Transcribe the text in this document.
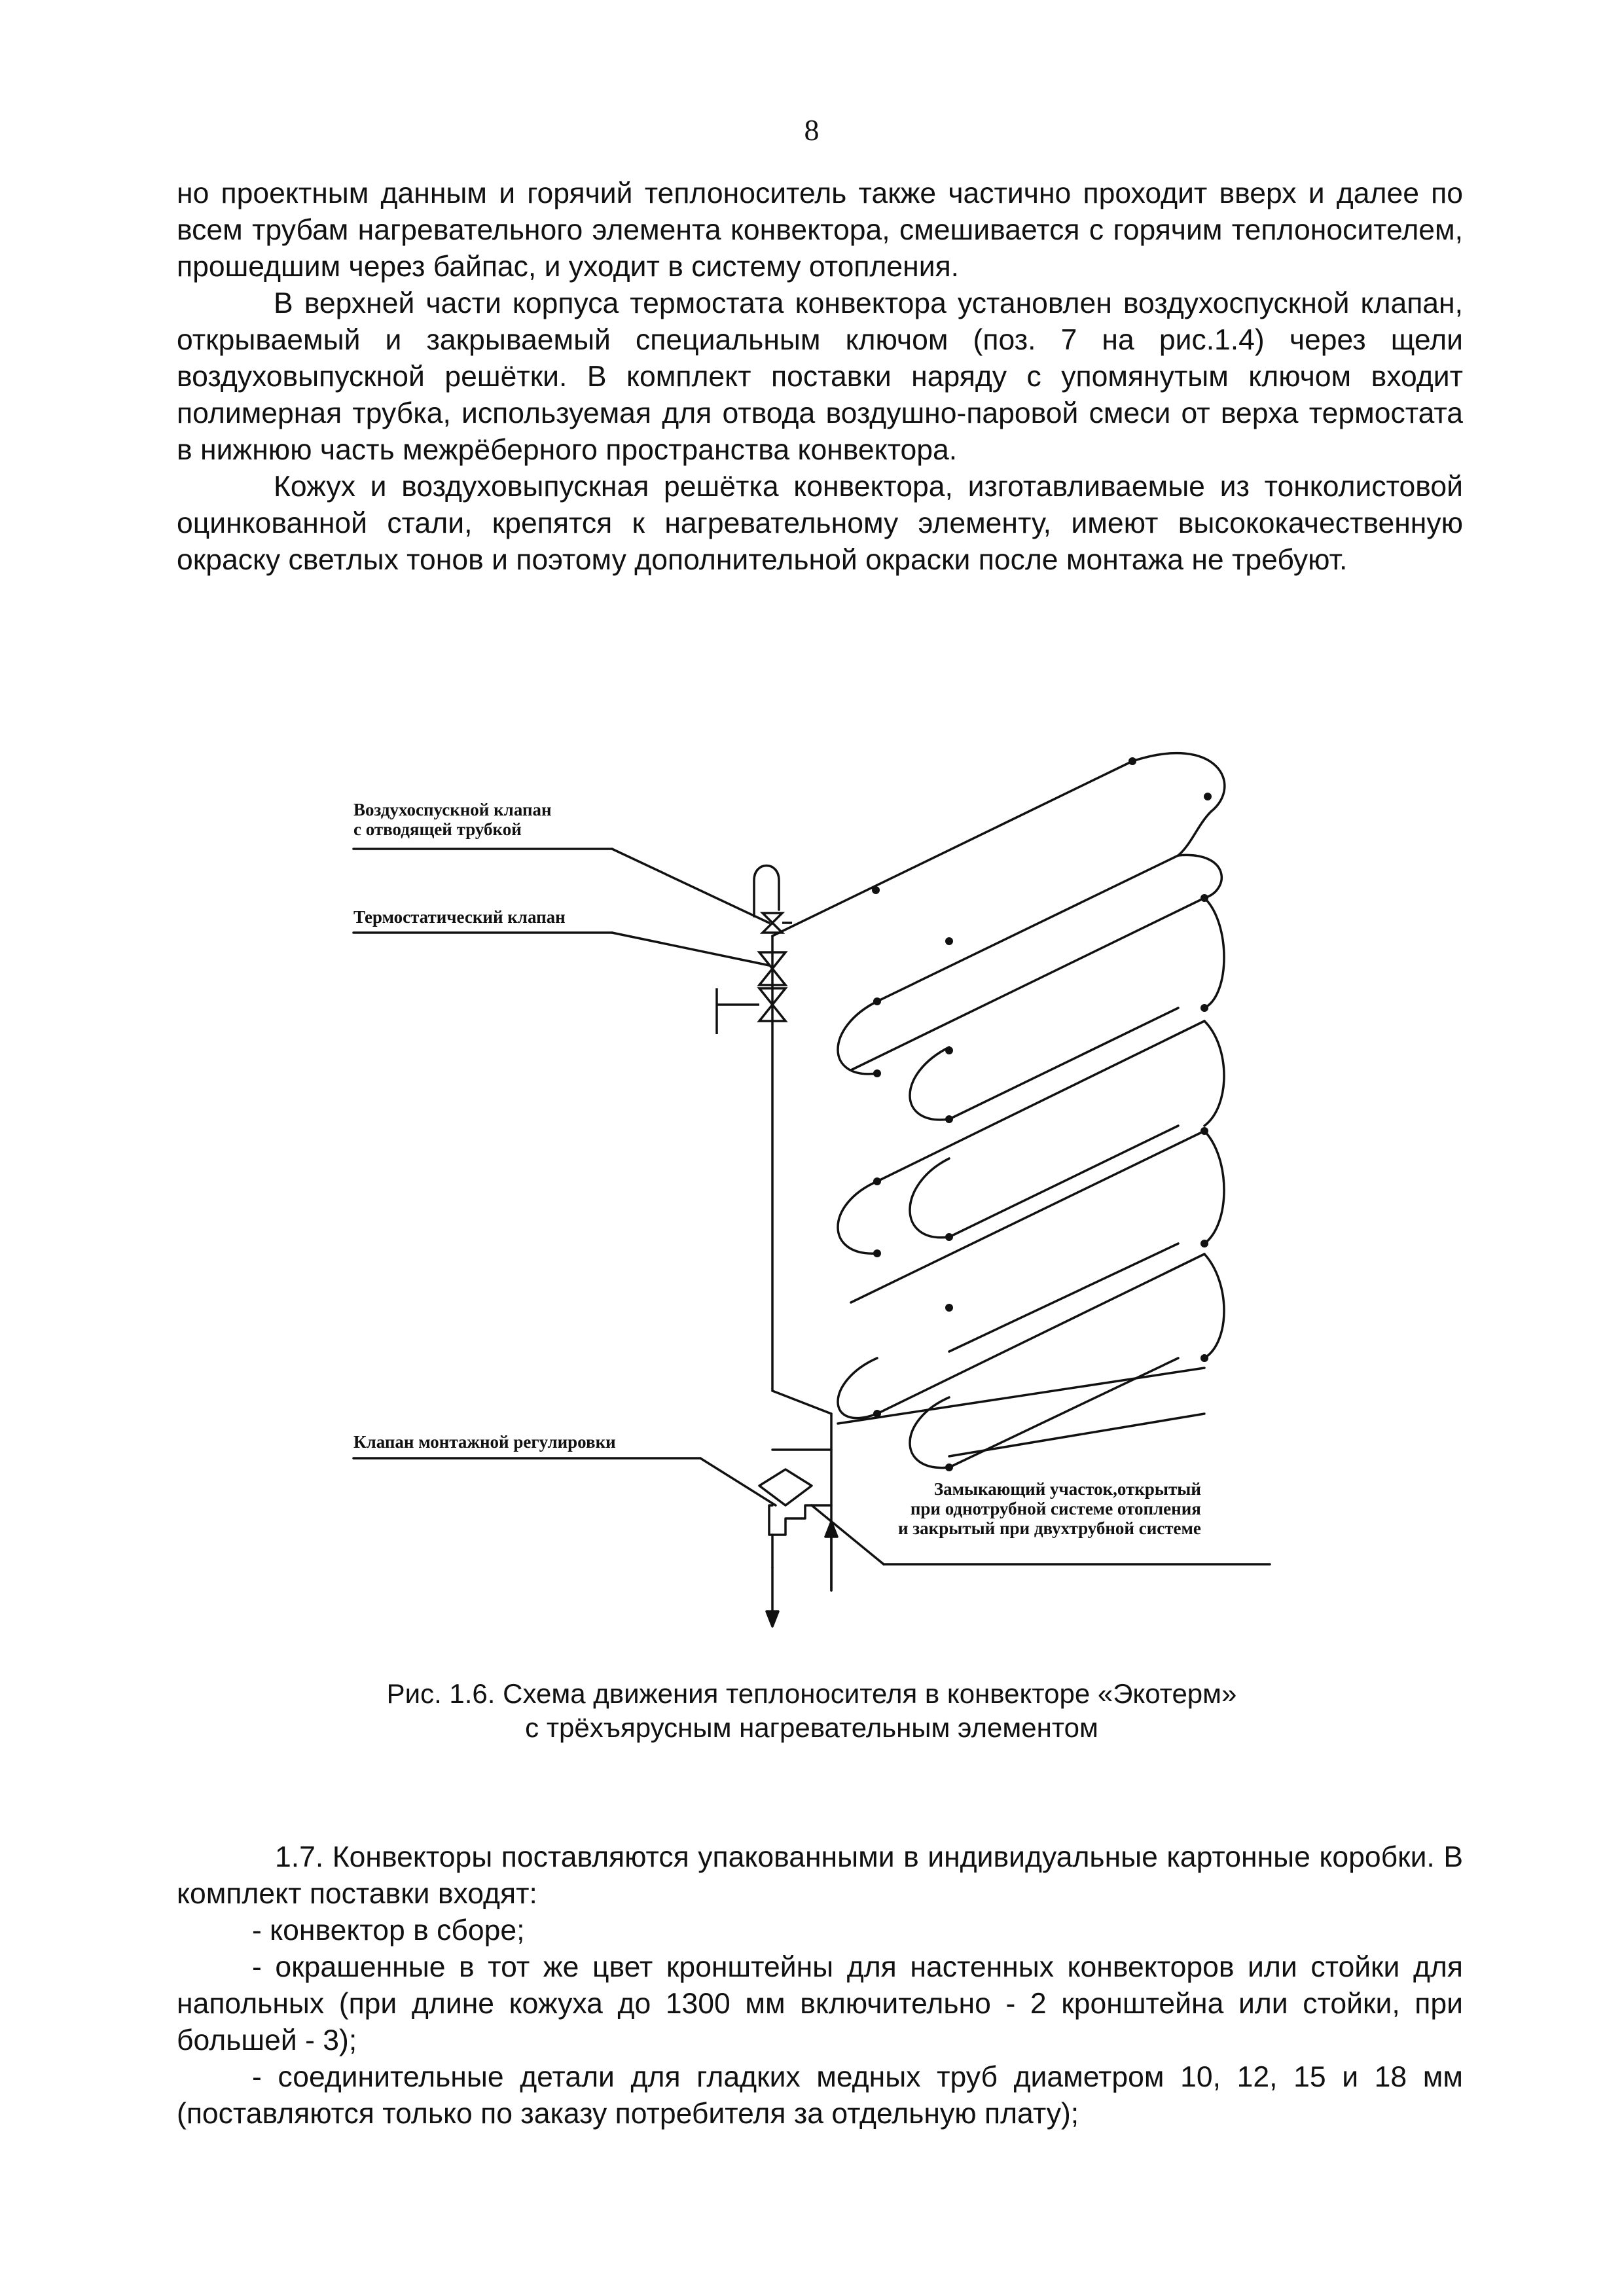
8

но проектным данным и горячий теплоноситель также частично проходит вверх и далее по всем трубам нагревательного элемента конвектора, смешивается с горячим теплоносителем, прошедшим через байпас, и уходит в систему отопления.

В верхней части корпуса термостата конвектора установлен воздухоспускной клапан, открываемый и закрываемый специальным ключом (поз. 7 на рис.1.4) через щели воздуховыпускной решётки. В комплект поставки наряду с упомянутым ключом входит полимерная трубка, используемая для отвода воздушно-паровой смеси от верха термостата в нижнюю часть межрёберного пространства конвектора.

Кожух и воздуховыпускная решётка конвектора, изготавливаемые из тонколистовой оцинкованной стали, крепятся к нагревательному элементу, имеют высококачественную окраску светлых тонов и поэтому дополнительной окраски после монтажа не требуют.

Воздухоспускной клапан
с отводящей трубкой
Термостатический клапан
Клапан монтажной регулировки
Замыкающий участок,открытый
при однотрубной системе отопления
и закрытый при двухтрубной системе

Рис. 1.6. Схема движения теплоносителя в конвекторе «Экотерм»
с трёхъярусным нагревательным элементом

1.7. Конвекторы поставляются упакованными в индивидуальные картонные коробки. В комплект поставки входят:

- конвектор в сборе;

- окрашенные в тот же цвет кронштейны для настенных конвекторов или стойки для напольных (при длине кожуха до 1300 мм включительно - 2 кронштейна или стойки, при большей - 3);

- соединительные детали для гладких медных труб диаметром 10, 12, 15 и 18 мм (поставляются только по заказу потребителя за отдельную плату);
